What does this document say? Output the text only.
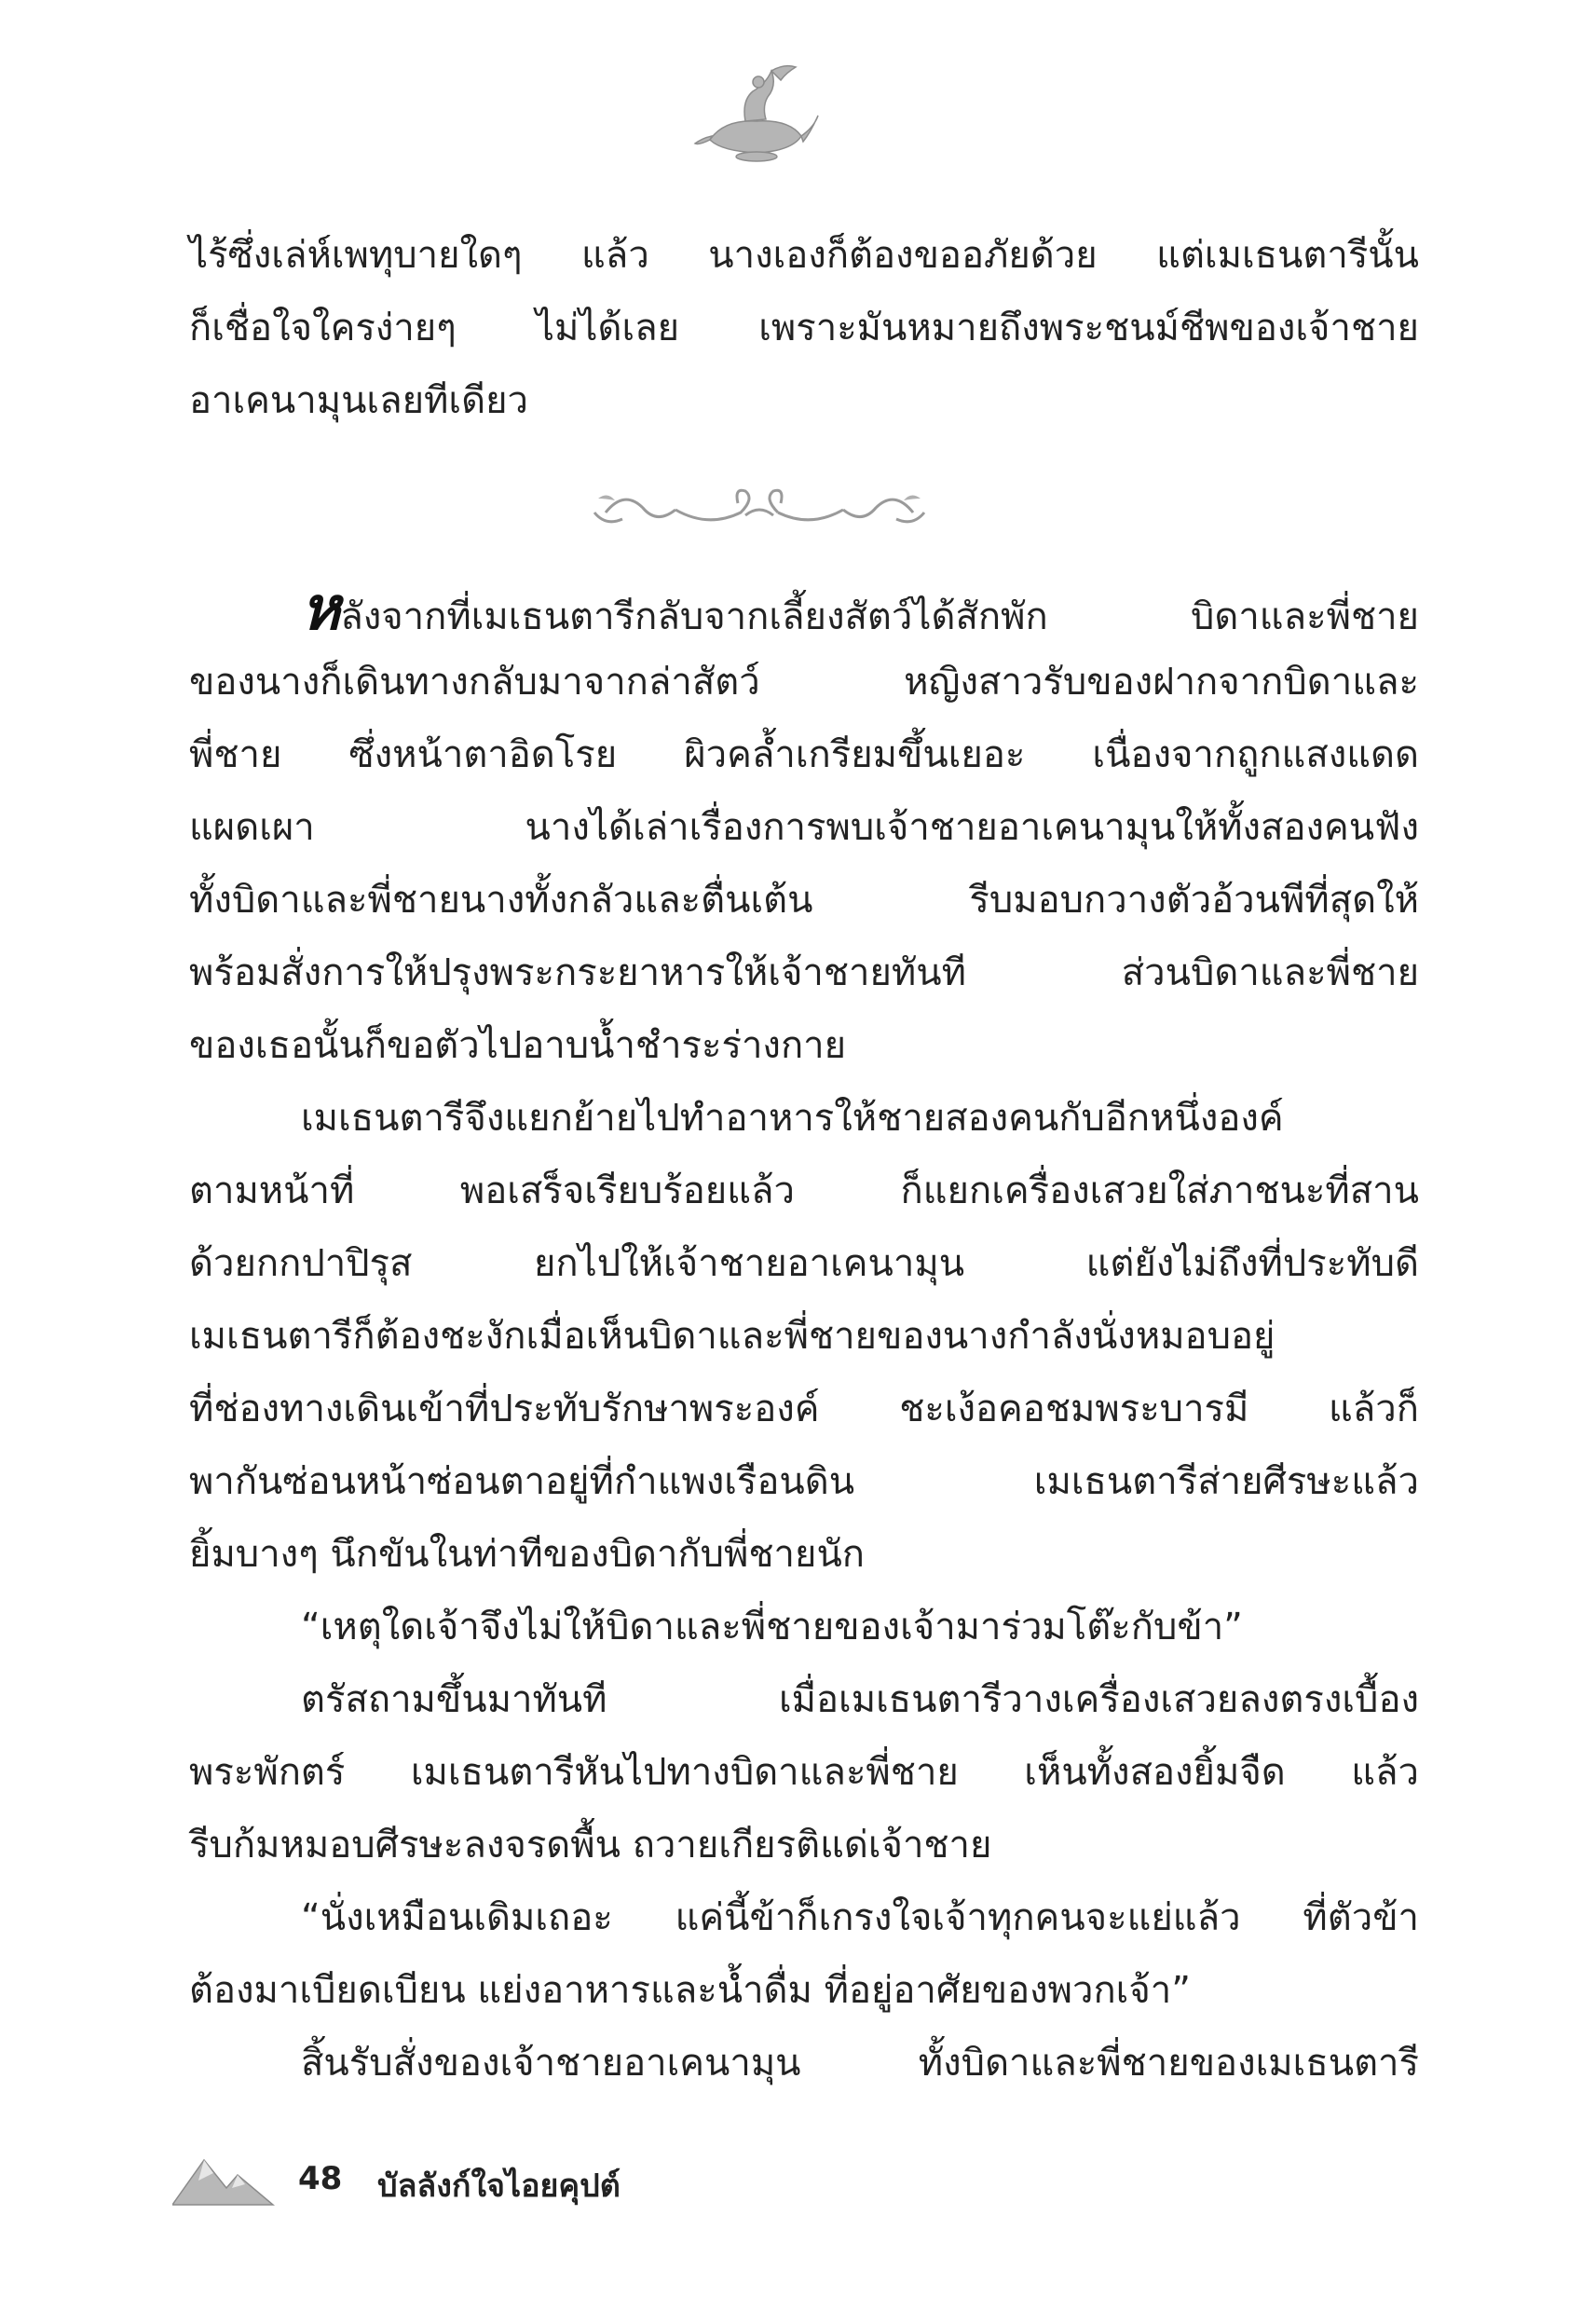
ไร้ซึ่งเล่ห์เพทุบายใดๆ แล้ว นางเองก็ต้องขออภัยด้วย แต่เมเธนตารีนั้น
ก็เชื่อใจใครง่ายๆ ไม่ได้เลย เพราะมันหมายถึงพระชนม์ชีพของเจ้าชาย
อาเคนามุนเลยทีเดียว
หลังจากที่เมเธนตารีกลับจากเลี้ยงสัตว์ได้สักพัก บิดาและพี่ชาย
ของนางก็เดินทางกลับมาจากล่าสัตว์ หญิงสาวรับของฝากจากบิดาและ
พี่ชาย ซึ่งหน้าตาอิดโรย ผิวคล้ำเกรียมขึ้นเยอะ เนื่องจากถูกแสงแดด
แผดเผา นางได้เล่าเรื่องการพบเจ้าชายอาเคนามุนให้ทั้งสองคนฟัง
ทั้งบิดาและพี่ชายนางทั้งกลัวและตื่นเต้น รีบมอบกวางตัวอ้วนพีที่สุดให้
พร้อมสั่งการให้ปรุงพระกระยาหารให้เจ้าชายทันที ส่วนบิดาและพี่ชาย
ของเธอนั้นก็ขอตัวไปอาบน้ำชำระร่างกาย
เมเธนตารีจึงแยกย้ายไปทำอาหารให้ชายสองคนกับอีกหนึ่งองค์
ตามหน้าที่ พอเสร็จเรียบร้อยแล้ว ก็แยกเครื่องเสวยใส่ภาชนะที่สาน
ด้วยกกปาปิรุส ยกไปให้เจ้าชายอาเคนามุน แต่ยังไม่ถึงที่ประทับดี
เมเธนตารีก็ต้องชะงักเมื่อเห็นบิดาและพี่ชายของนางกำลังนั่งหมอบอยู่
ที่ช่องทางเดินเข้าที่ประทับรักษาพระองค์ ชะเง้อคอชมพระบารมี แล้วก็
พากันซ่อนหน้าซ่อนตาอยู่ที่กำแพงเรือนดิน เมเธนตารีส่ายศีรษะแล้ว
ยิ้มบางๆ นึกขันในท่าทีของบิดากับพี่ชายนัก
“เหตุใดเจ้าจึงไม่ให้บิดาและพี่ชายของเจ้ามาร่วมโต๊ะกับข้า”
ตรัสถามขึ้นมาทันที เมื่อเมเธนตารีวางเครื่องเสวยลงตรงเบื้อง
พระพักตร์ เมเธนตารีหันไปทางบิดาและพี่ชาย เห็นทั้งสองยิ้มจืด แล้ว
รีบก้มหมอบศีรษะลงจรดพื้น ถวายเกียรติแด่เจ้าชาย
“นั่งเหมือนเดิมเถอะ แค่นี้ข้าก็เกรงใจเจ้าทุกคนจะแย่แล้ว ที่ตัวข้า
ต้องมาเบียดเบียน แย่งอาหารและน้ำดื่ม ที่อยู่อาศัยของพวกเจ้า”
สิ้นรับสั่งของเจ้าชายอาเคนามุน ทั้งบิดาและพี่ชายของเมเธนตารี
48 บัลลังก์ใจไอยคุปต์
